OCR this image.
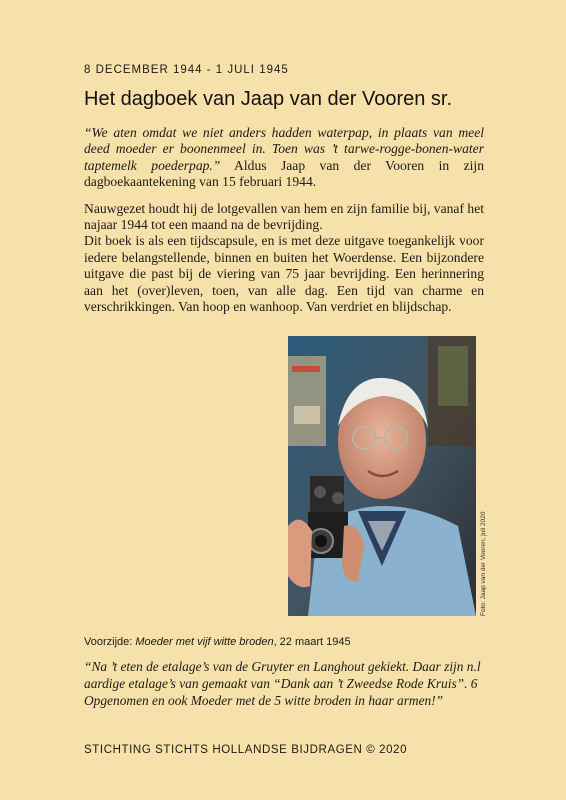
8 DECEMBER 1944 - 1 JULI 1945
Het dagboek van Jaap van der Vooren sr.

“We aten omdat we niet anders hadden waterpap, in plaats van meel deed moeder er boonenmeel in. Toen was ’t tarwe-rogge-bonen-water taptemelk poederpap.” Aldus Jaap van der Vooren in zijn dagboekaantekening van 15 februari 1944.

Nauwgezet houdt hij de lotgevallen van hem en zijn familie bij, vanaf het najaar 1944 tot een maand na de bevrijding.

Dit boek is als een tijdscapsule, en is met deze uitgave toegankelijk voor iedere belangstellende, binnen en buiten het Woerdense. Een bijzondere uitgave die past bij de viering van 75 jaar bevrijding. Een herinnering aan het (over)leven, toen, van alle dag. Een tijd van charme en verschrikkingen. Van hoop en wanhoop. Van verdriet en blijdschap.

Foto: Jaap van der Vooren, juli 2020
Voorzijde: Moeder met vijf witte broden, 22 maart 1945
“Na ’t eten de etalage’s van de Gruyter en Langhout gekiekt. Daar zijn n.l aardige etalage’s van gemaakt van “Dank aan ’t Zweedse Rode Kruis”. 6 Opgenomen en ook Moeder met de 5 witte broden in haar armen!”
STICHTING STICHTS HOLLANDSE BIJDRAGEN © 2020
